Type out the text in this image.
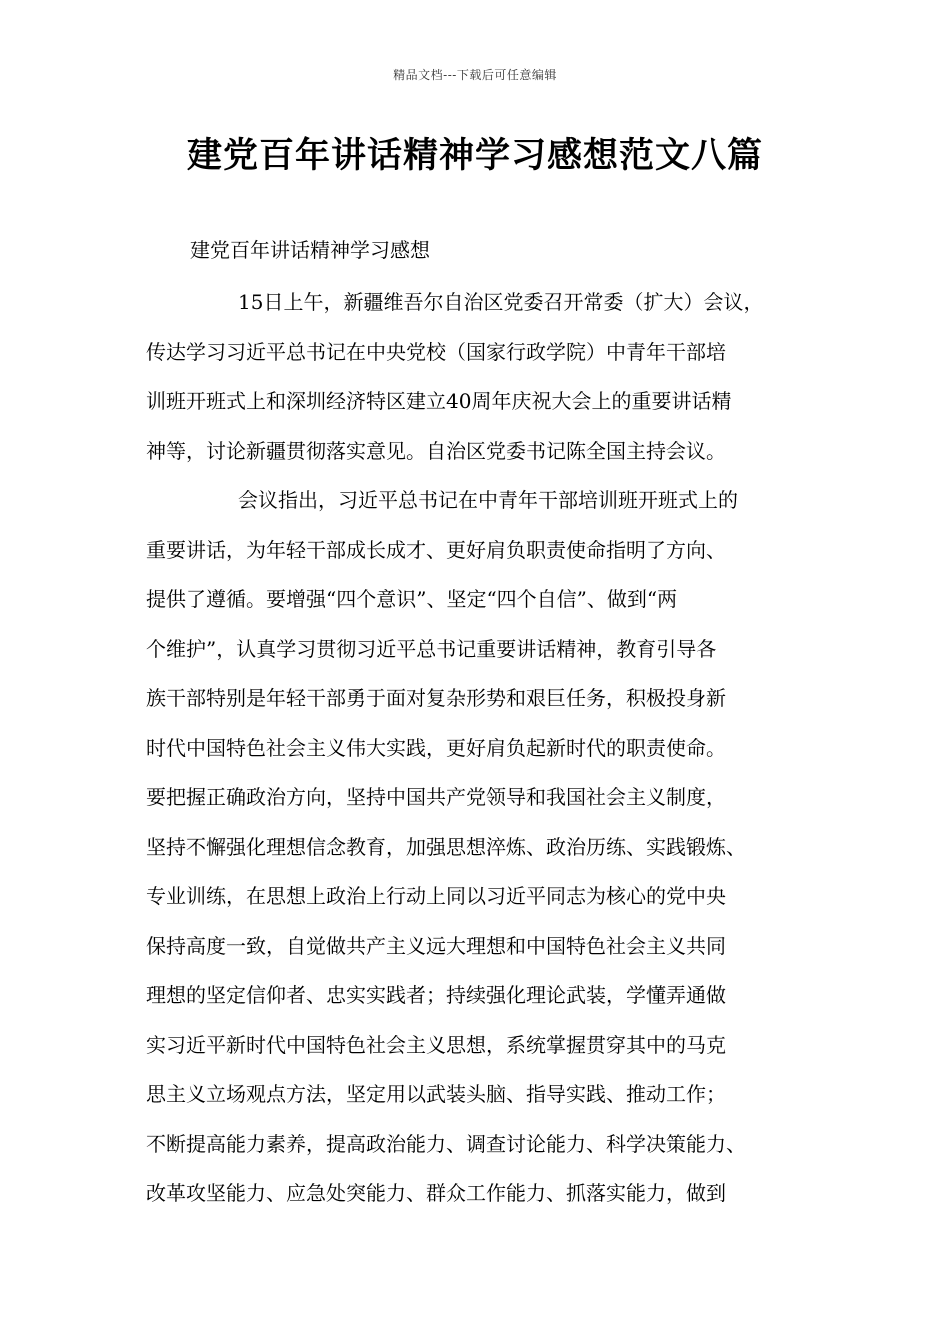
精品文档---下载后可任意编辑
建党百年讲话精神学习感想范文八篇
建党百年讲话精神学习感想
15日上午，新疆维吾尔自治区党委召开常委（扩大）会议，
传达学习习近平总书记在中央党校（国家行政学院）中青年干部培
训班开班式上和深圳经济特区建立40周年庆祝大会上的重要讲话精
神等，讨论新疆贯彻落实意见。自治区党委书记陈全国主持会议。
会议指出，习近平总书记在中青年干部培训班开班式上的
重要讲话，为年轻干部成长成才、更好肩负职责使命指明了方向、
提供了遵循。要增强“四个意识”、坚定“四个自信”、做到“两
个维护”，认真学习贯彻习近平总书记重要讲话精神，教育引导各
族干部特别是年轻干部勇于面对复杂形势和艰巨任务，积极投身新
时代中国特色社会主义伟大实践，更好肩负起新时代的职责使命。
要把握正确政治方向，坚持中国共产党领导和我国社会主义制度，
坚持不懈强化理想信念教育，加强思想淬炼、政治历练、实践锻炼、
专业训练，在思想上政治上行动上同以习近平同志为核心的党中央
保持高度一致，自觉做共产主义远大理想和中国特色社会主义共同
理想的坚定信仰者、忠实实践者；持续强化理论武装，学懂弄通做
实习近平新时代中国特色社会主义思想，系统掌握贯穿其中的马克
思主义立场观点方法，坚定用以武装头脑、指导实践、推动工作；
不断提高能力素养，提高政治能力、调查讨论能力、科学决策能力、
改革攻坚能力、应急处突能力、群众工作能力、抓落实能力，做到
